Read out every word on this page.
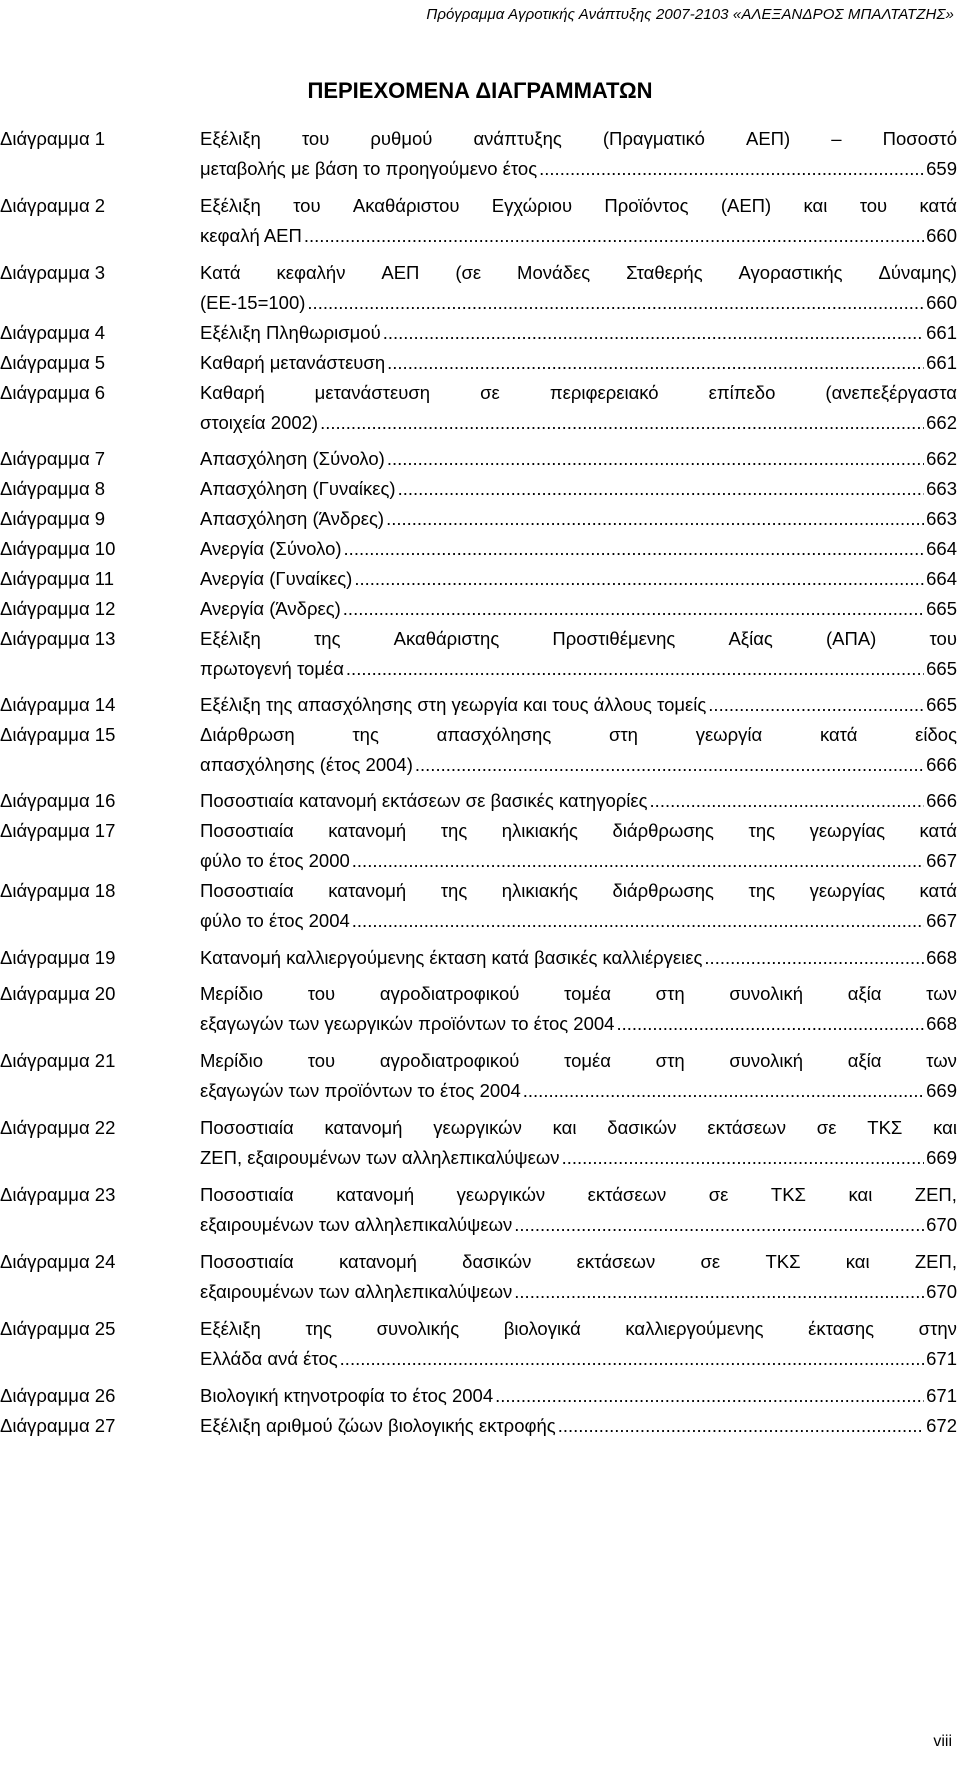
Πρόγραμμα Αγροτικής Ανάπτυξης 2007-2103 «ΑΛΕΞΑΝΔΡΟΣ ΜΠΑΛΤΑΤΖΗΣ»
ΠΕΡΙΕΧΟΜΕΝΑ ΔΙΑΓΡΑΜΜΑΤΩΝ
Διάγραμμα 1	Εξέλιξη του ρυθμού ανάπτυξης (Πραγματικό ΑΕΠ) – Ποσοστό
μεταβολής με βάση το προηγούμενο έτος .....	659
Διάγραμμα 2	Εξέλιξη του Ακαθάριστου Εγχώριου Προϊόντος (ΑΕΠ) και του κατά
κεφαλή ΑΕΠ .....	660
Διάγραμμα 3	Κατά κεφαλήν ΑΕΠ (σε Μονάδες Σταθερής Αγοραστικής Δύναμης)
(ΕΕ-15=100) .....	660
Διάγραμμα 4	Εξέλιξη Πληθωρισμού .....	661
Διάγραμμα 5	Καθαρή μετανάστευση .....	661
Διάγραμμα 6	Καθαρή	μετανάστευση	σε	περιφερειακό	επίπεδο	(ανεπεξέργαστα
στοιχεία 2002) .....	662
Διάγραμμα 7	Απασχόληση (Σύνολο) .....	662
Διάγραμμα 8	Απασχόληση (Γυναίκες) .....	663
Διάγραμμα 9	Απασχόληση (Άνδρες) .....	663
Διάγραμμα 10	Ανεργία (Σύνολο) .....	664
Διάγραμμα 11	Ανεργία (Γυναίκες) .....	664
Διάγραμμα 12	Ανεργία (Άνδρες) .....	665
Διάγραμμα 13	Εξέλιξη	της	Ακαθάριστης	Προστιθέμενης	Αξίας	(ΑΠΑ)	του
πρωτογενή τομέα .....	665
Διάγραμμα 14	Εξέλιξη της απασχόλησης στη γεωργία και τους άλλους τομείς .....	665
Διάγραμμα 15	Διάρθρωση	της	απασχόλησης	στη	γεωργία	κατά	είδος
απασχόλησης (έτος 2004) .....	666
Διάγραμμα 16	Ποσοστιαία κατανομή εκτάσεων σε βασικές κατηγορίες .....	666
Διάγραμμα 17	Ποσοστιαία κατανομή της ηλικιακής διάρθρωσης της γεωργίας κατά
φύλο το έτος 2000 .....	667
Διάγραμμα 18	Ποσοστιαία κατανομή της ηλικιακής διάρθρωσης της γεωργίας κατά
φύλο το έτος 2004 .....	667
Διάγραμμα 19	Κατανομή καλλιεργούμενης έκταση κατά βασικές καλλιέργειες .....	668
Διάγραμμα 20	Μερίδιο του αγροδιατροφικού τομέα στη συνολική αξία των
εξαγωγών των γεωργικών προϊόντων το έτος 2004 .....	668
Διάγραμμα 21	Μερίδιο του αγροδιατροφικού τομέα στη συνολική αξία των
εξαγωγών των προϊόντων το έτος 2004 .....	669
Διάγραμμα 22	Ποσοστιαία κατανομή γεωργικών και δασικών εκτάσεων σε ΤΚΣ και
ΖΕΠ, εξαιρουμένων των αλληλεπικαλύψεων .....	669
Διάγραμμα 23	Ποσοστιαία κατανομή γεωργικών εκτάσεων σε ΤΚΣ και ΖΕΠ,
εξαιρουμένων των αλληλεπικαλύψεων .....	670
Διάγραμμα 24	Ποσοστιαία κατανομή δασικών εκτάσεων σε ΤΚΣ και ΖΕΠ,
εξαιρουμένων των αλληλεπικαλύψεων .....	670
Διάγραμμα 25	Εξέλιξη της συνολικής βιολογικά καλλιεργούμενης έκτασης στην
Ελλάδα ανά έτος .....	671
Διάγραμμα 26	Βιολογική κτηνοτροφία το έτος 2004 .....	671
Διάγραμμα 27	Εξέλιξη αριθμού ζώων βιολογικής εκτροφής .....	672
viii
